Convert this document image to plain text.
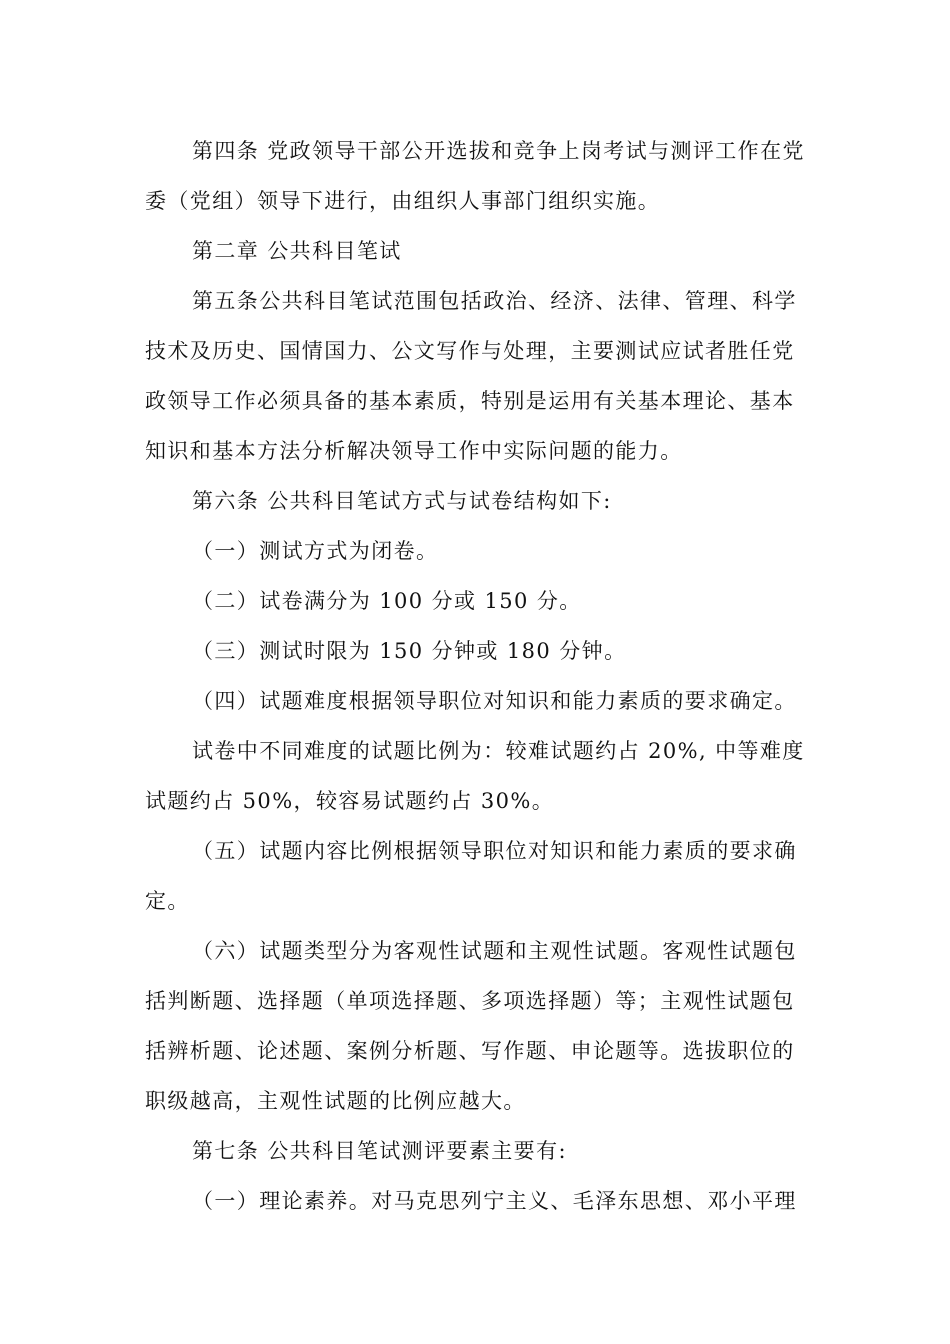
第四条 党政领导干部公开选拔和竞争上岗考试与测评工作在党

委（党组）领导下进行，由组织人事部门组织实施。

第二章 公共科目笔试

第五条公共科目笔试范围包括政治、经济、法律、管理、科学

技术及历史、国情国力、公文写作与处理，主要测试应试者胜任党

政领导工作必须具备的基本素质，特别是运用有关基本理论、基本

知识和基本方法分析解决领导工作中实际问题的能力。

第六条 公共科目笔试方式与试卷结构如下:

（一）测试方式为闭卷。

（二）试卷满分为 100 分或 150 分。

（三）测试时限为 150 分钟或 180 分钟。

（四）试题难度根据领导职位对知识和能力素质的要求确定。

试卷中不同难度的试题比例为：较难试题约占 20%, 中等难度

试题约占 50%，较容易试题约占 30%。

（五）试题内容比例根据领导职位对知识和能力素质的要求确

定。

（六）试题类型分为客观性试题和主观性试题。客观性试题包

括判断题、选择题（单项选择题、多项选择题）等；主观性试题包

括辨析题、论述题、案例分析题、写作题、申论题等。选拔职位的

职级越高，主观性试题的比例应越大。

第七条 公共科目笔试测评要素主要有:

（一）理论素养。对马克思列宁主义、毛泽东思想、邓小平理
